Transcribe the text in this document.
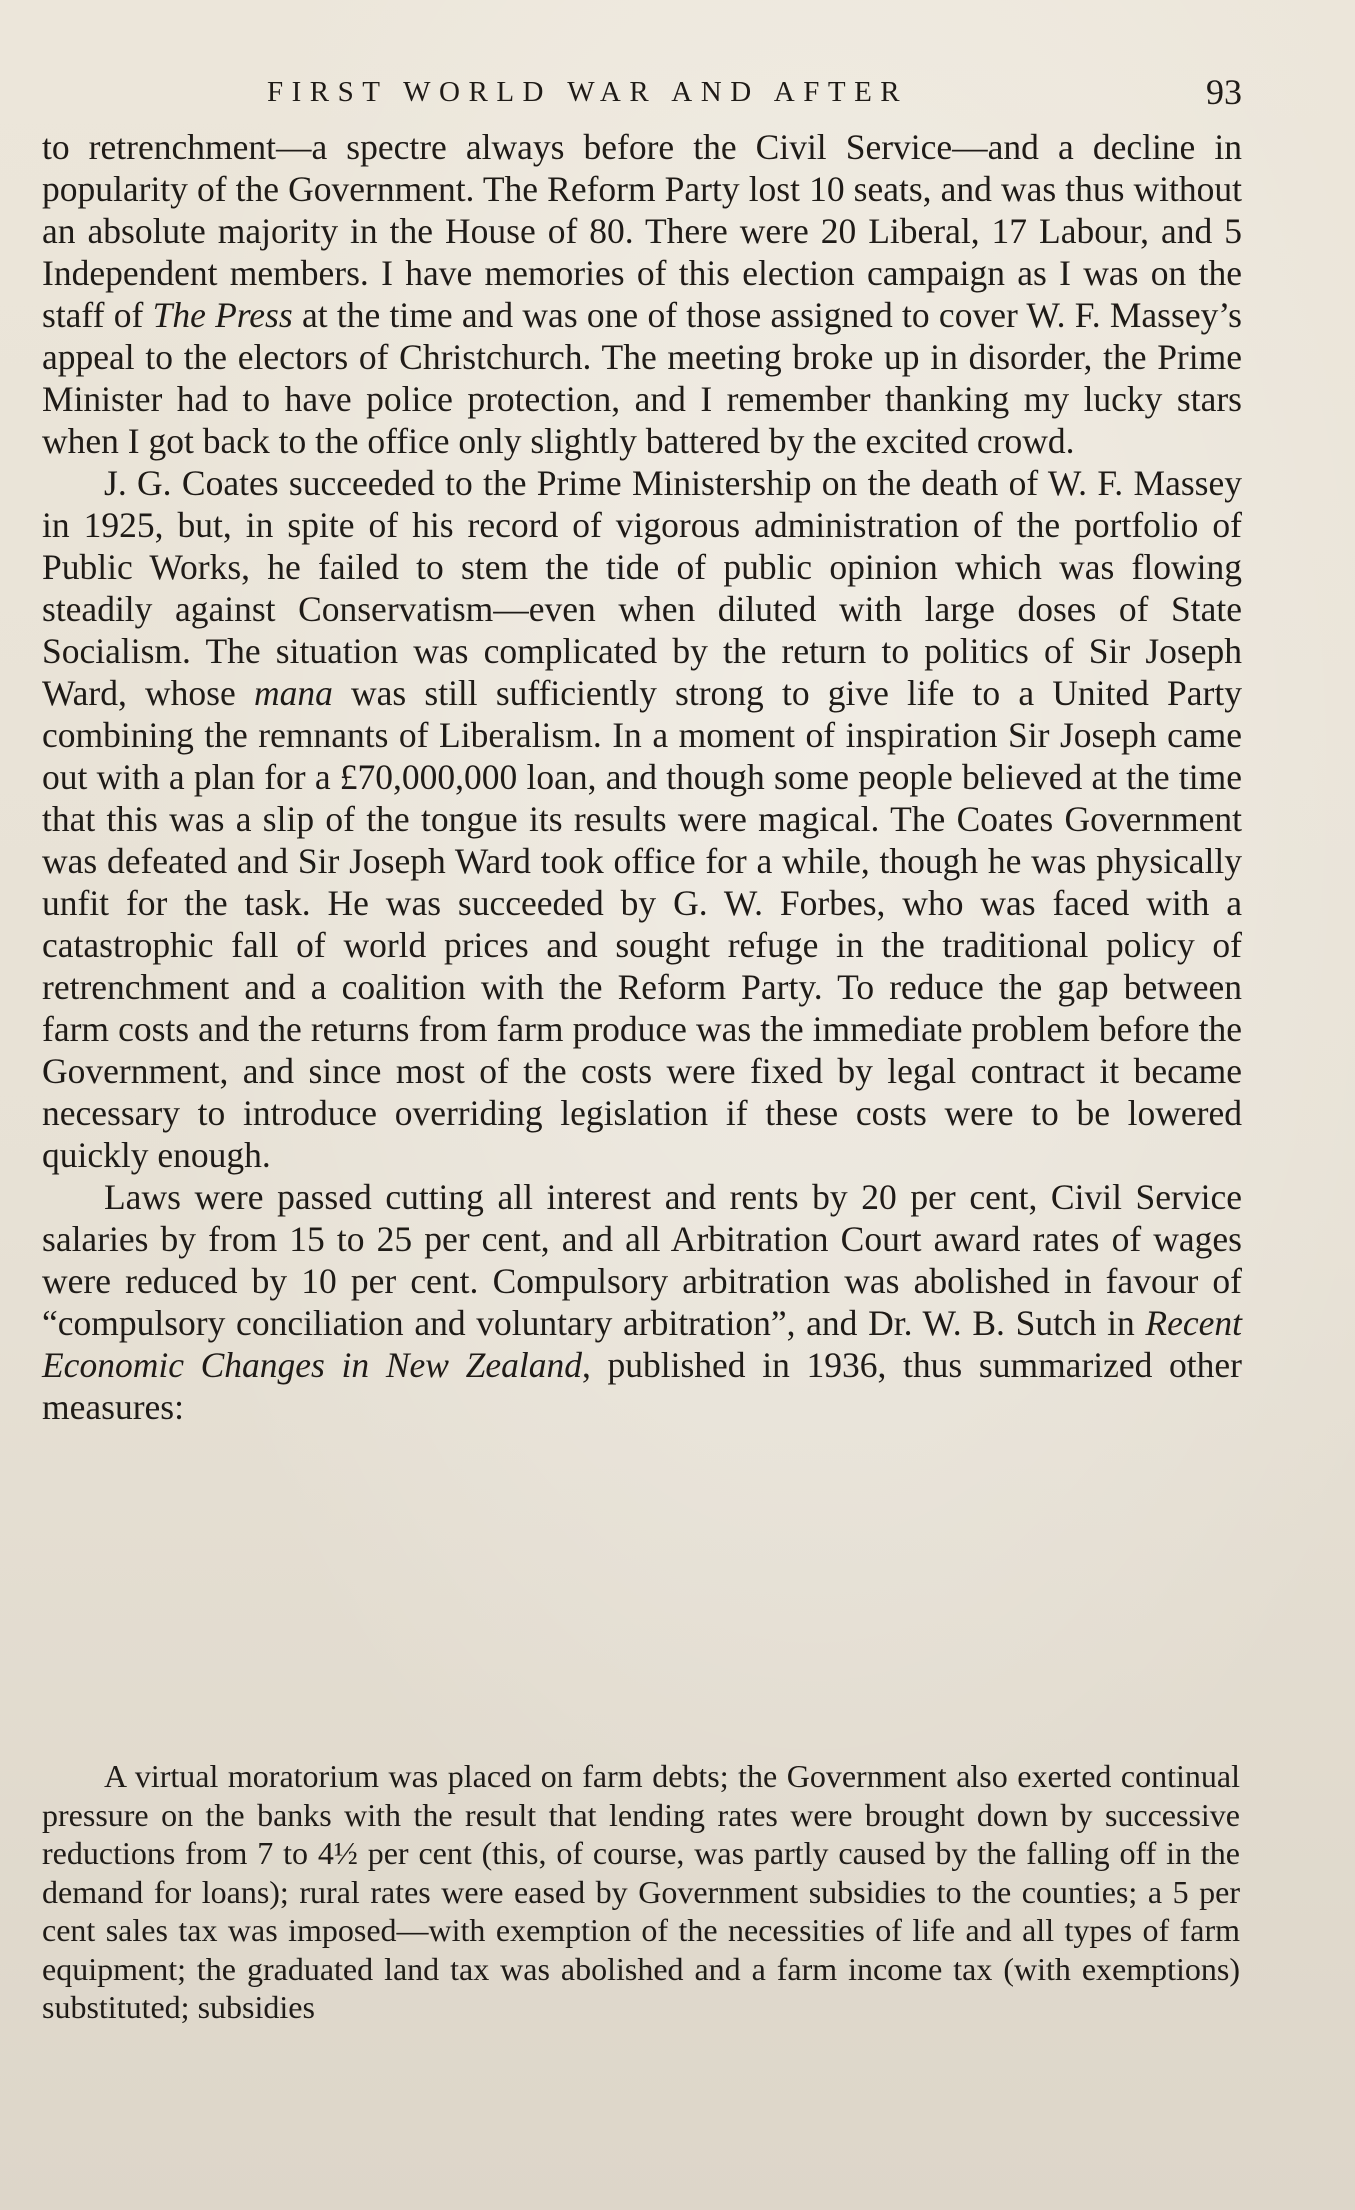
FIRST WORLD WAR AND AFTER	93

to retrenchment—a spectre always before the Civil Service—and a decline in popularity of the Government. The Reform Party lost 10 seats, and was thus without an absolute majority in the House of 80. There were 20 Liberal, 17 Labour, and 5 Independent members. I have memories of this election campaign as I was on the staff of The Press at the time and was one of those assigned to cover W. F. Massey’s appeal to the electors of Christchurch. The meeting broke up in disorder, the Prime Minister had to have police protection, and I remember thanking my lucky stars when I got back to the office only slightly battered by the excited crowd.

J. G. Coates succeeded to the Prime Ministership on the death of W. F. Massey in 1925, but, in spite of his record of vigorous administration of the portfolio of Public Works, he failed to stem the tide of public opinion which was flowing steadily against Conservatism—even when diluted with large doses of State Socialism. The situation was complicated by the return to politics of Sir Joseph Ward, whose mana was still sufficiently strong to give life to a United Party combining the remnants of Liberalism. In a moment of inspiration Sir Joseph came out with a plan for a £70,000,000 loan, and though some people believed at the time that this was a slip of the tongue its results were magical. The Coates Government was defeated and Sir Joseph Ward took office for a while, though he was physically unfit for the task. He was succeeded by G. W. Forbes, who was faced with a catastrophic fall of world prices and sought refuge in the traditional policy of retrenchment and a coalition with the Reform Party. To reduce the gap between farm costs and the returns from farm produce was the immediate problem before the Government, and since most of the costs were fixed by legal contract it became necessary to introduce overriding legislation if these costs were to be lowered quickly enough.

Laws were passed cutting all interest and rents by 20 per cent, Civil Service salaries by from 15 to 25 per cent, and all Arbitration Court award rates of wages were reduced by 10 per cent. Compulsory arbitration was abolished in favour of “compulsory conciliation and voluntary arbitration”, and Dr. W. B. Sutch in Recent Economic Changes in New Zealand, published in 1936, thus summarized other measures:

A virtual moratorium was placed on farm debts; the Government also exerted continual pressure on the banks with the result that lending rates were brought down by successive reductions from 7 to 4½ per cent (this, of course, was partly caused by the falling off in the demand for loans); rural rates were eased by Government subsidies to the counties; a 5 per cent sales tax was imposed—with exemption of the necessities of life and all types of farm equipment; the graduated land tax was abolished and a farm income tax (with exemptions) substituted; subsidies
